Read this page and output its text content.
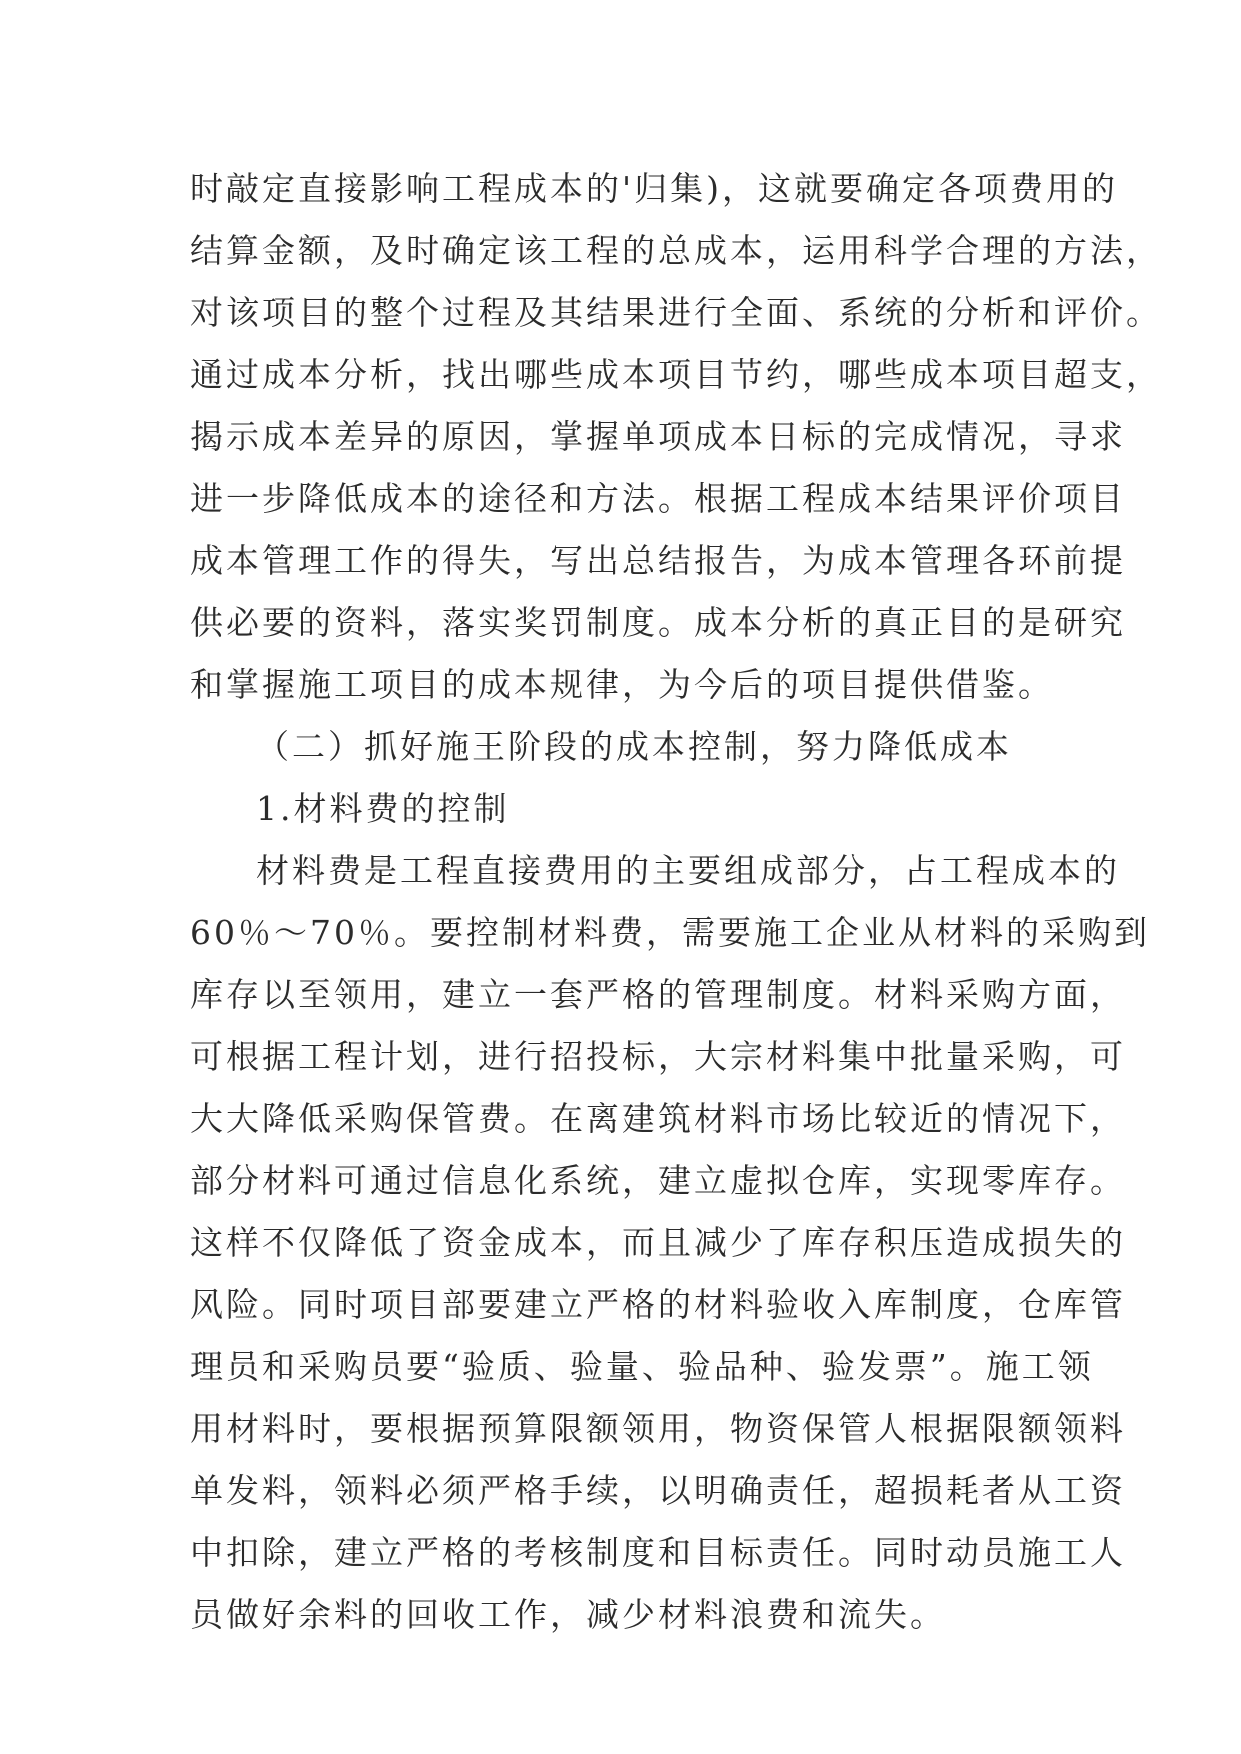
时敲定直接影响工程成本的'归集)，这就要确定各项费用的
结算金额，及时确定该工程的总成本，运用科学合理的方法，
对该项目的整个过程及其结果进行全面、系统的分析和评价。
通过成本分析，找出哪些成本项目节约，哪些成本项目超支，
揭示成本差异的原因，掌握单项成本日标的完成情况，寻求
进一步降低成本的途径和方法。根据工程成本结果评价项目
成本管理工作的得失，写出总结报告，为成本管理各环前提
供必要的资料，落实奖罚制度。成本分析的真正目的是研究
和掌握施工项目的成本规律，为今后的项目提供借鉴。
（二）抓好施王阶段的成本控制，努力降低成本
1.材料费的控制
材料费是工程直接费用的主要组成部分，占工程成本的
60％～70％。要控制材料费，需要施工企业从材料的采购到
库存以至领用，建立一套严格的管理制度。材料采购方面，
可根据工程计划，进行招投标，大宗材料集中批量采购，可
大大降低采购保管费。在离建筑材料市场比较近的情况下，
部分材料可通过信息化系统，建立虚拟仓库，实现零库存。
这样不仅降低了资金成本，而且减少了库存积压造成损失的
风险。同时项目部要建立严格的材料验收入库制度，仓库管
理员和采购员要“验质、验量、验品种、验发票”。施工领
用材料时，要根据预算限额领用，物资保管人根据限额领料
单发料，领料必须严格手续，以明确责任，超损耗者从工资
中扣除，建立严格的考核制度和目标责任。同时动员施工人
员做好余料的回收工作，减少材料浪费和流失。
